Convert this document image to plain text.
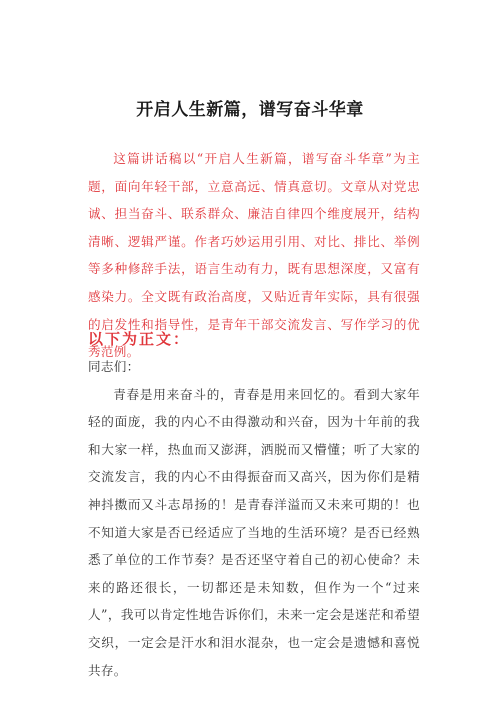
开启人生新篇，谱写奋斗华章

这篇讲话稿以“开启人生新篇，谱写奋斗华章”为主题，面向年轻干部，立意高远、情真意切。文章从对党忠诚、担当奋斗、联系群众、廉洁自律四个维度展开，结构清晰、逻辑严谨。作者巧妙运用引用、对比、排比、举例等多种修辞手法，语言生动有力，既有思想深度，又富有感染力。全文既有政治高度，又贴近青年实际，具有很强的启发性和指导性，是青年干部交流发言、写作学习的优秀范例。

以下为正文：

同志们：

青春是用来奋斗的，青春是用来回忆的。看到大家年轻的面庞，我的内心不由得激动和兴奋，因为十年前的我和大家一样，热血而又澎湃，洒脱而又懵懂；听了大家的交流发言，我的内心不由得振奋而又高兴，因为你们是精神抖擞而又斗志昂扬的！是青春洋溢而又未来可期的！也不知道大家是否已经适应了当地的生活环境？是否已经熟悉了单位的工作节奏？是否还坚守着自己的初心使命？未来的路还很长，一切都还是未知数，但作为一个“过来人”，我可以肯定性地告诉你们，未来一定会是迷茫和希望交织，一定会是汗水和泪水混杂，也一定会是遗憾和喜悦共存。
